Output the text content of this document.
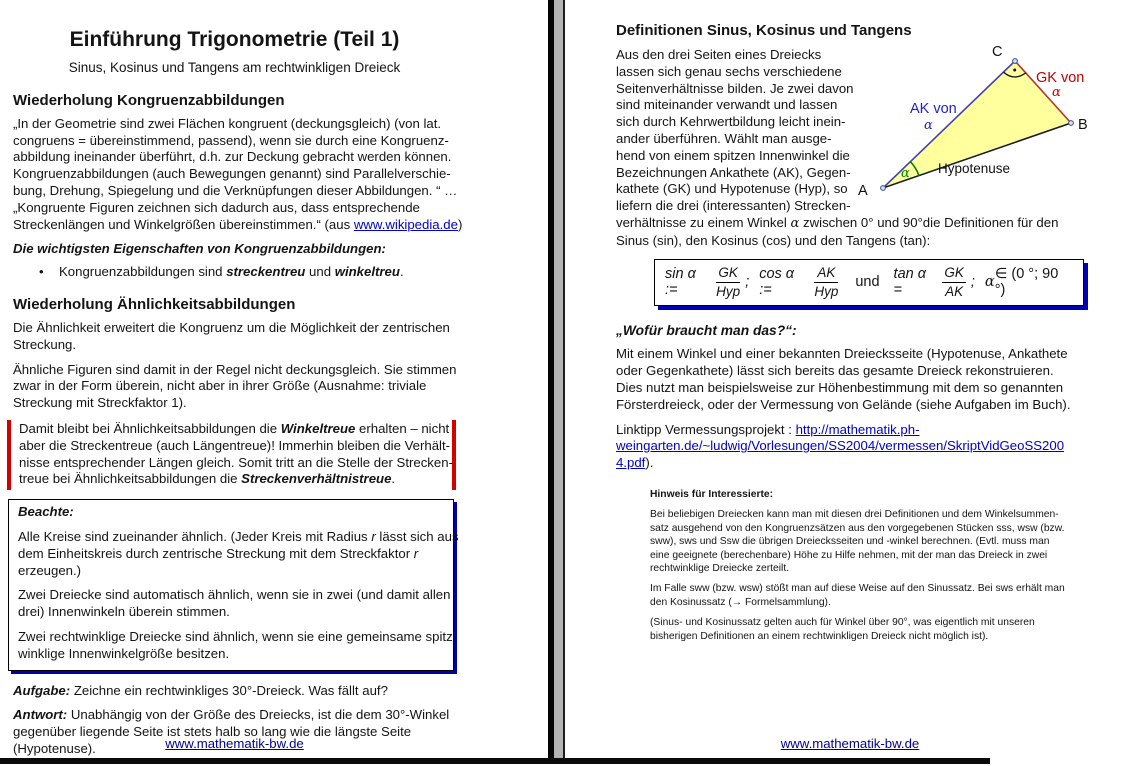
Einführung Trigonometrie (Teil 1)
Sinus, Kosinus und Tangens am rechtwinkligen Dreieck
Wiederholung Kongruenzabbildungen
„In der Geometrie sind zwei Flächen kongruent (deckungsgleich) (von lat.
congruens = übereinstimmend, passend), wenn sie durch eine Kongruenz-
abbildung ineinander überführt, d.h. zur Deckung gebracht werden können.
Kongruenzabbildungen (auch Bewegungen genannt) sind Parallelverschie-
bung, Drehung, Spiegelung und die Verknüpfungen dieser Abbildungen. “ …
„Kongruente Figuren zeichnen sich dadurch aus, dass entsprechende
Streckenlängen und Winkelgrößen übereinstimmen.“ (aus www.wikipedia.de)
Die wichtigsten Eigenschaften von Kongruenzabbildungen:
•	Kongruenzabbildungen sind streckentreu und winkeltreu.
Wiederholung Ähnlichkeitsabbildungen
Die Ähnlichkeit erweitert die Kongruenz um die Möglichkeit der zentrischen
Streckung.
Ähnliche Figuren sind damit in der Regel nicht deckungsgleich. Sie stimmen
zwar in der Form überein, nicht aber in ihrer Größe (Ausnahme: triviale
Streckung mit Streckfaktor 1).
Damit bleibt bei Ähnlichkeitsabbildungen die Winkeltreue erhalten – nicht
aber die Streckentreue (auch Längentreue)! Immerhin bleiben die Verhält-
nisse entsprechender Längen gleich. Somit tritt an die Stelle der Strecken-
treue bei Ähnlichkeitsabbildungen die Streckenverhältnistreue.
Beachte:
Alle Kreise sind zueinander ähnlich. (Jeder Kreis mit Radius r lässt sich aus
dem Einheitskreis durch zentrische Streckung mit dem Streckfaktor r
erzeugen.)
Zwei Dreiecke sind automatisch ähnlich, wenn sie in zwei (und damit allen
drei) Innenwinkeln überein stimmen.
Zwei rechtwinklige Dreiecke sind ähnlich, wenn sie eine gemeinsame spitz-
winklige Innenwinkelgröße besitzen.
Aufgabe: Zeichne ein rechtwinkliges 30°-Dreieck. Was fällt auf?
Antwort: Unabhängig von der Größe des Dreiecks, ist die dem 30°-Winkel
gegenüber liegende Seite ist stets halb so lang wie die längste Seite
(Hypotenuse).	www.mathematik-bw.de
Definitionen Sinus, Kosinus und Tangens
Aus den drei Seiten eines Dreiecks
lassen sich genau sechs verschiedene
Seitenverhältnisse bilden. Je zwei davon
sind miteinander verwandt und lassen
sich durch Kehrwertbildung leicht inein-
ander überführen. Wählt man ausge-
hend von einem spitzen Innenwinkel die
Bezeichnungen Ankathete (AK), Gegen-
kathete (GK) und Hypotenuse (Hyp), so
liefern die drei (interessanten) Strecken-
verhältnisse zu einem Winkel α zwischen 0° und 90°die Definitionen für den
Sinus (sin), den Kosinus (cos) und den Tangens (tan):
A
C
B
GK von
α
AK von
α
Hypotenuse
α
sin α :=	$\frac{GK}{\text{Hyp}}$ ; cos α :=	$\frac{AK}{\text{Hyp}}$ und tan α =	$\frac{GK}{AK}$ ; α ∈ (0 °; 90 °)
„Wofür braucht man das?“:
Mit einem Winkel und einer bekannten Dreiecksseite (Hypotenuse, Ankathete
oder Gegenkathete) lässt sich bereits das gesamte Dreieck rekonstruieren.
Dies nutzt man beispielsweise zur Höhenbestimmung mit dem so genannten
Försterdreieck, oder der Vermessung von Gelände (siehe Aufgaben im Buch).
Linktipp Vermessungsprojekt : http://mathematik.ph-
weingarten.de/~ludwig/Vorlesungen/SS2004/vermessen/SkriptVidGeoSS200
4.pdf).
Hinweis für Interessierte:
Bei beliebigen Dreiecken kann man mit diesen drei Definitionen und dem Winkelsummen-
satz ausgehend von den Kongruenzsätzen aus den vorgegebenen Stücken sss, wsw (bzw.
sww), sws und Ssw die übrigen Dreiecksseiten und -winkel berechnen. (Evtl. muss man
eine geeignete (berechenbare) Höhe zu Hilfe nehmen, mit der man das Dreieck in zwei
rechtwinklige Dreiecke zerteilt.
Im Falle sww (bzw. wsw) stößt man auf diese Weise auf den Sinussatz. Bei sws erhält man
den Kosinussatz (→ Formelsammlung).
(Sinus- und Kosinussatz gelten auch für Winkel über 90°, was eigentlich mit unseren
bisherigen Definitionen an einem rechtwinkligen Dreieck nicht möglich ist).
www.mathematik-bw.de
